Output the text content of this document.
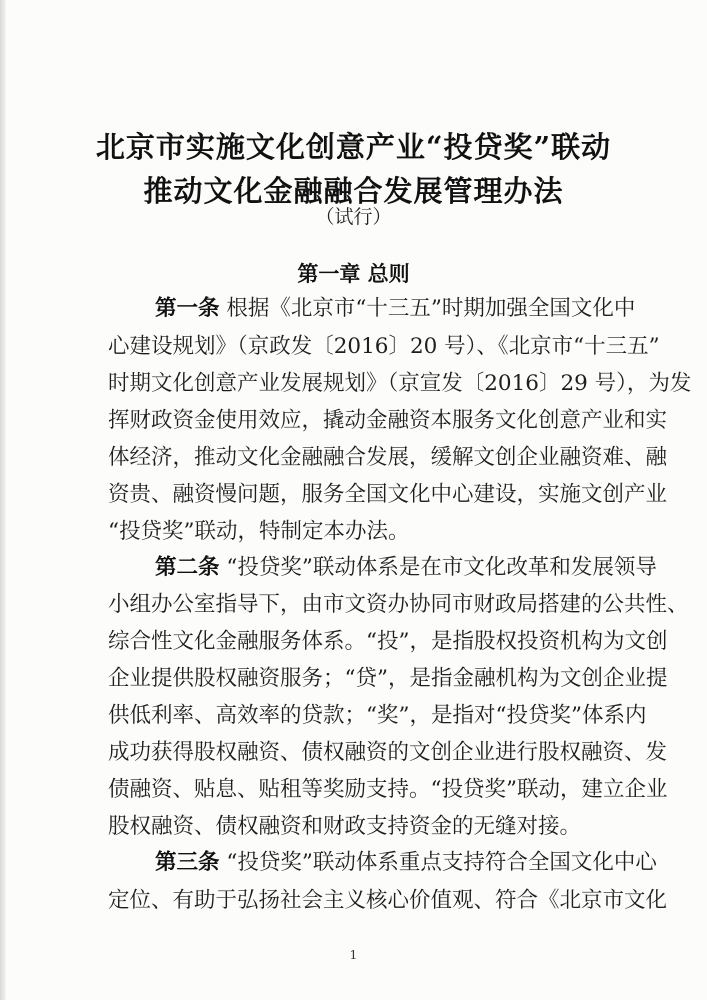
北京市实施文化创意产业“投贷奖”联动
推动文化金融融合发展管理办法
（试行）
第一章 总则
第一条 根据《北京市“十三五”时期加强全国文化中
心建设规划》（京政发〔2016〕20 号）、《北京市“十三五”
时期文化创意产业发展规划》（京宣发〔2016〕29 号），为发
挥财政资金使用效应，撬动金融资本服务文化创意产业和实
体经济，推动文化金融融合发展，缓解文创企业融资难、融
资贵、融资慢问题，服务全国文化中心建设，实施文创产业
“投贷奖”联动，特制定本办法。
第二条 “投贷奖”联动体系是在市文化改革和发展领导
小组办公室指导下，由市文资办协同市财政局搭建的公共性、
综合性文化金融服务体系。“投”，是指股权投资机构为文创
企业提供股权融资服务；“贷”，是指金融机构为文创企业提
供低利率、高效率的贷款；“奖”，是指对“投贷奖”体系内
成功获得股权融资、债权融资的文创企业进行股权融资、发
债融资、贴息、贴租等奖励支持。“投贷奖”联动，建立企业
股权融资、债权融资和财政支持资金的无缝对接。
第三条 “投贷奖”联动体系重点支持符合全国文化中心
定位、有助于弘扬社会主义核心价值观、符合《北京市文化
1
